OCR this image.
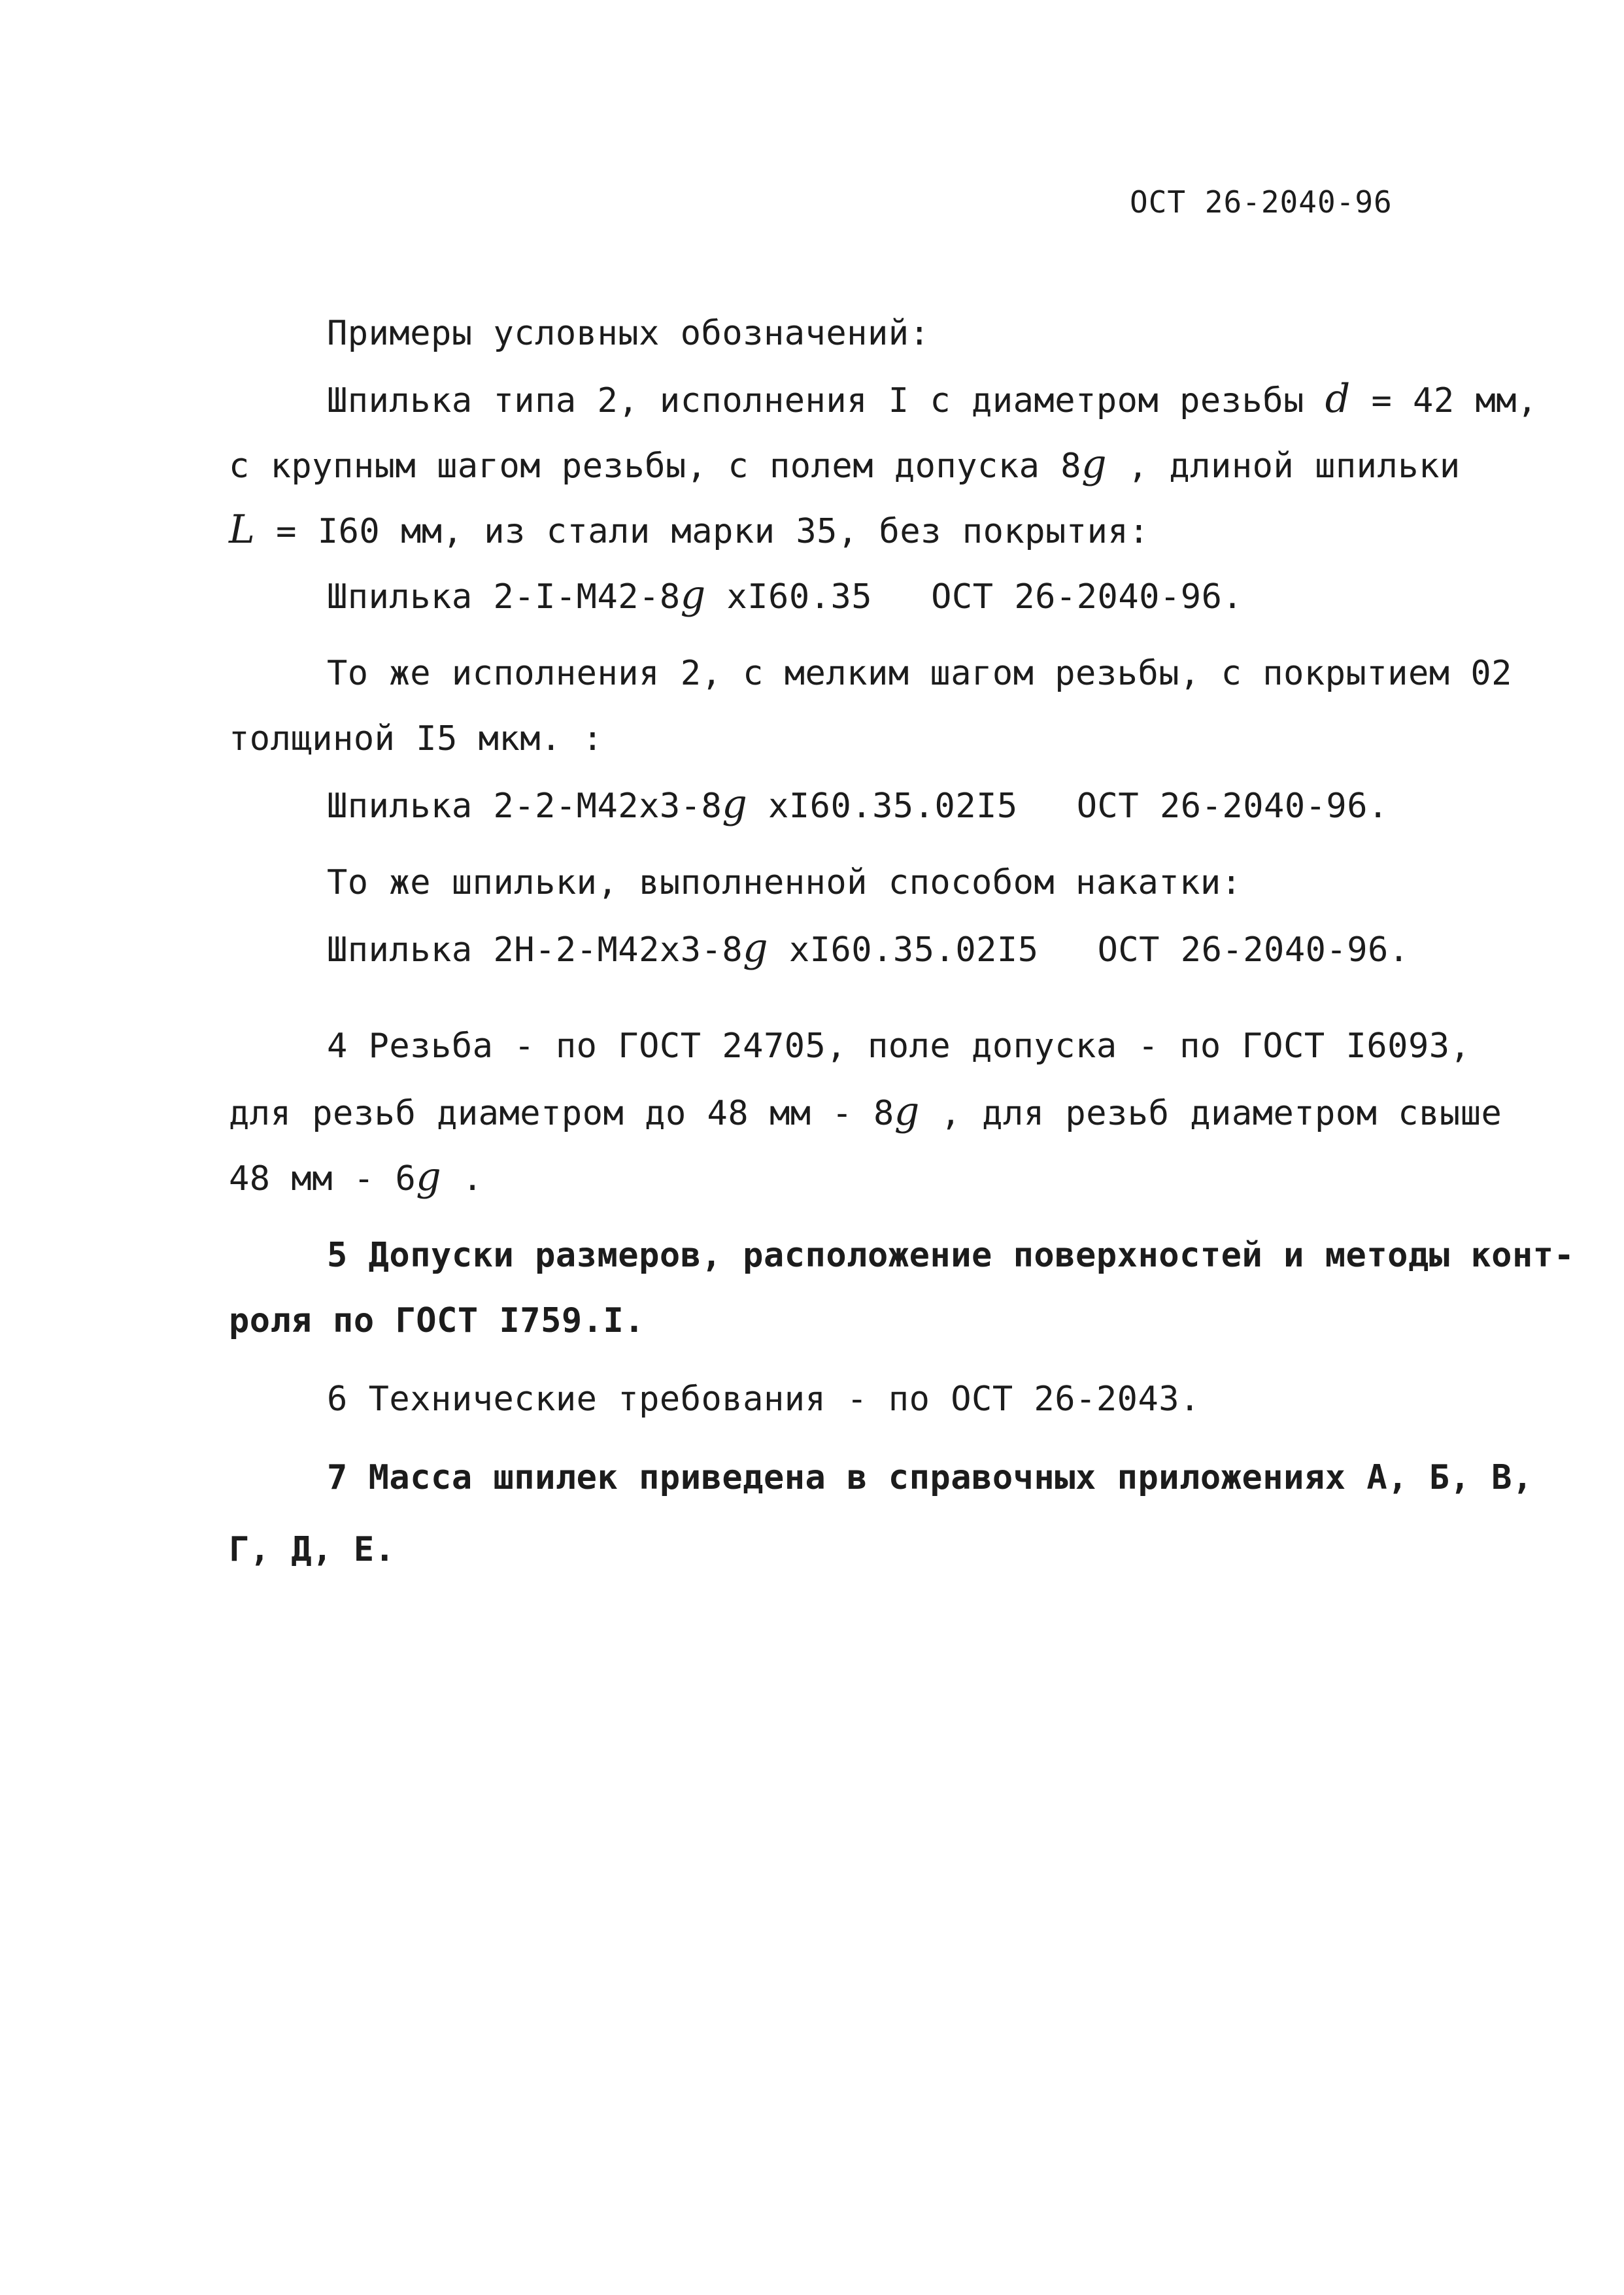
ОСТ 26-2040-96
Примеры условных обозначений:
Шпилька типа 2, исполнения I с диаметром резьбы d = 42 мм,
с крупным шагом резьбы, с полем допуска 8g , длиной шпильки
L = I60 мм, из стали марки 35, без покрытия:
Шпилька 2-I-М42-8g хI60.35 ОСТ 26-2040-96.
То же исполнения 2, с мелким шагом резьбы, с покрытием 02
толщиной I5 мкм. :
Шпилька 2-2-М42х3-8g хI60.35.02I5 ОСТ 26-2040-96.
То же шпильки, выполненной способом накатки:
Шпилька 2Н-2-М42х3-8g хI60.35.02I5 ОСТ 26-2040-96.
4 Резьба - по ГОСТ 24705, поле допуска - по ГОСТ I6093,
для резьб диаметром до 48 мм - 8g , для резьб диаметром свыше
48 мм - 6g .
5 Допуски размеров, расположение поверхностей и методы конт-
роля по ГОСТ I759.I.
6 Технические требования - по ОСТ 26-2043.
7 Масса шпилек приведена в справочных приложениях А, Б, В,
Г, Д, Е.
